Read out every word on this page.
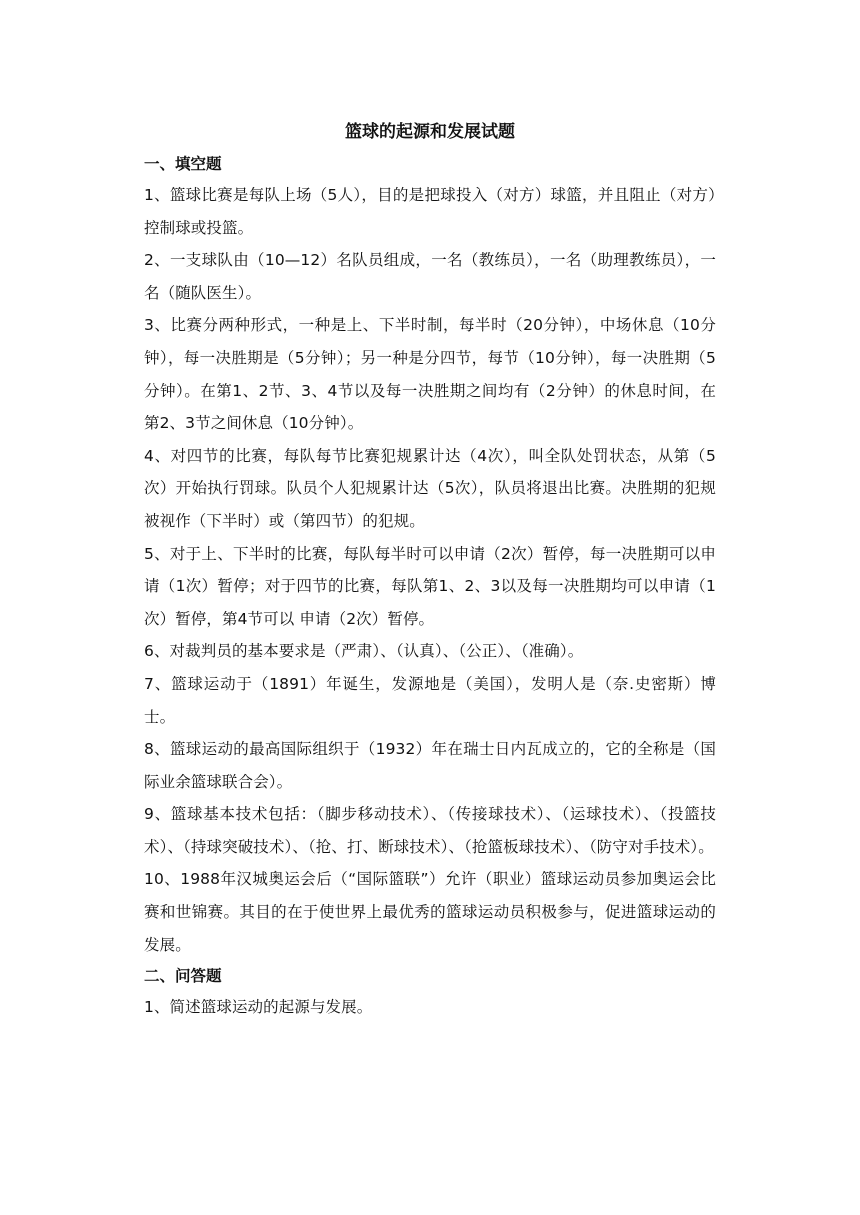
篮球的起源和发展试题
一、填空题

1、篮球比赛是每队上场（5人），目的是把球投入（对方）球篮，并且阻止（对方）控制球或投篮。

2、一支球队由（10—12）名队员组成，一名（教练员），一名（助理教练员），一名（随队医生）。

3、比赛分两种形式，一种是上、下半时制，每半时（20分钟），中场休息（10分钟），每一决胜期是（5分钟）；另一种是分四节，每节（10分钟），每一决胜期（5分钟）。在第1、2节、3、4节以及每一决胜期之间均有（2分钟）的休息时间，在第2、3节之间休息（10分钟）。

4、对四节的比赛，每队每节比赛犯规累计达（4次），叫全队处罚状态，从第（5次）开始执行罚球。队员个人犯规累计达（5次），队员将退出比赛。决胜期的犯规被视作（下半时）或（第四节）的犯规。

5、对于上、下半时的比赛，每队每半时可以申请（2次）暂停，每一决胜期可以申请（1次）暂停；对于四节的比赛，每队第1、2、3以及每一决胜期均可以申请（1次）暂停，第4节可以 申请（2次）暂停。

6、对裁判员的基本要求是（严肃）、（认真）、（公正）、（准确）。

7、篮球运动于（1891）年诞生，发源地是（美国），发明人是（奈.史密斯）博士。

8、篮球运动的最高国际组织于（1932）年在瑞士日内瓦成立的，它的全称是（国际业余篮球联合会）。

9、篮球基本技术包括：（脚步移动技术）、（传接球技术）、（运球技术）、（投篮技术）、（持球突破技术）、（抢、打、断球技术）、（抢篮板球技术）、（防守对手技术）。

10、1988年汉城奥运会后（“国际篮联”）允许（职业）篮球运动员参加奥运会比赛和世锦赛。其目的在于使世界上最优秀的篮球运动员积极参与，促进篮球运动的发展。

二、问答题

1、简述篮球运动的起源与发展。
